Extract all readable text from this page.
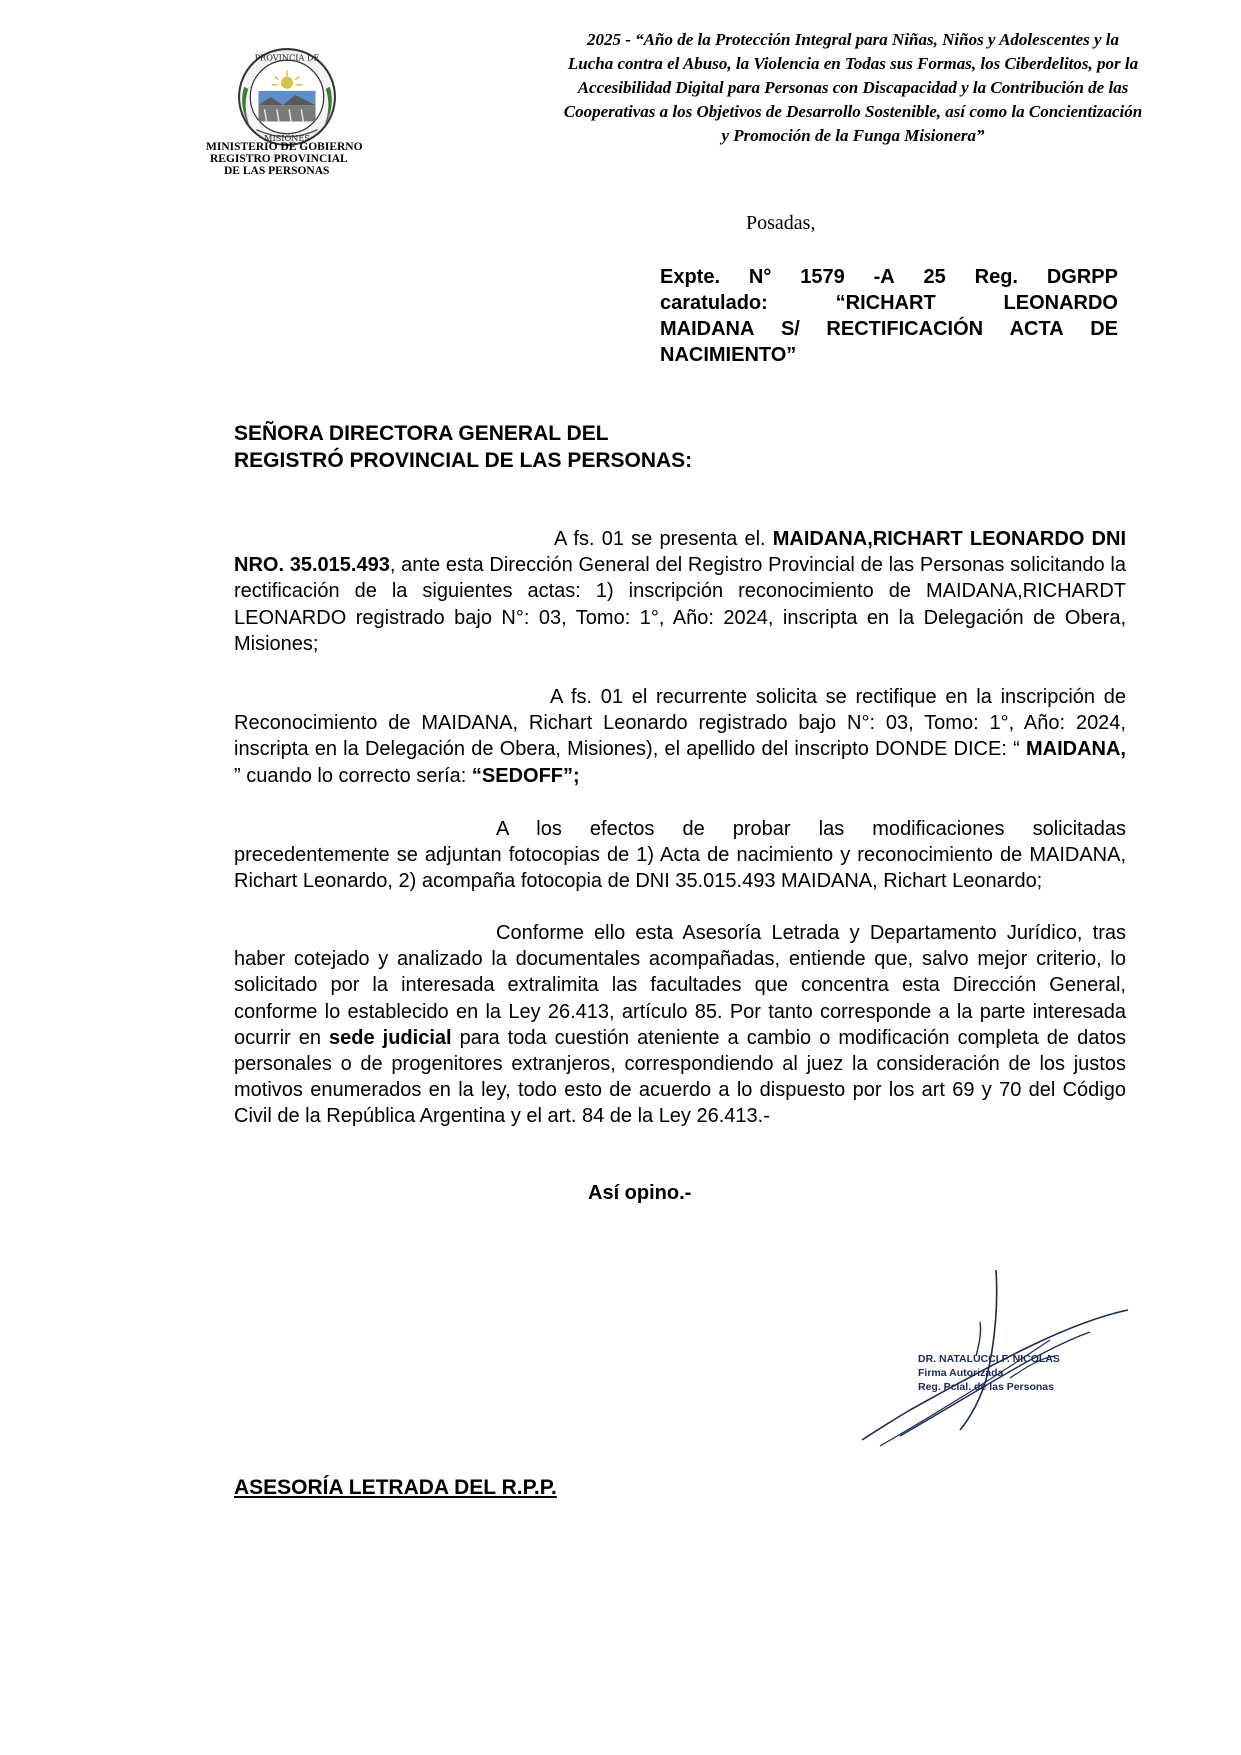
PROVINCIA DE
MISIONES
MINISTERIO DE GOBIERNO
REGISTRO PROVINCIAL
DE LAS PERSONAS
2025 - “Año de la Protección Integral para Niñas, Niños y Adolescentes y la
Lucha contra el Abuso, la Violencia en Todas sus Formas, los Ciberdelitos, por la
Accesibilidad Digital para Personas con Discapacidad y la Contribución de las
Cooperativas a los Objetivos de Desarrollo Sostenible, así como la Concientización
y Promoción de la Funga Misionera”
Posadas,
Expte. N° 1579 -A 25 Reg. DGRPP
caratulado:	“RICHART	LEONARDO
MAIDANA S/ RECTIFICACIÓN ACTA DE
NACIMIENTO”
SEÑORA DIRECTORA GENERAL DEL
REGISTRÓ PROVINCIAL DE LAS PERSONAS:
A fs. 01 se presenta el. MAIDANA,RICHART LEONARDO DNI NRO. 35.015.493, ante esta Dirección General del Registro Provincial de las Personas solicitando la rectificación de la siguientes actas: 1) inscripción reconocimiento de MAIDANA,RICHARDT LEONARDO registrado bajo N°: 03, Tomo: 1°, Año: 2024, inscripta en la Delegación de Obera, Misiones;
A fs. 01 el recurrente solicita se rectifique en la inscripción de Reconocimiento de MAIDANA, Richart Leonardo registrado bajo N°: 03, Tomo: 1°, Año: 2024, inscripta en la Delegación de Obera, Misiones), el apellido del inscripto DONDE DICE: “ MAIDANA, ” cuando lo correcto sería: “SEDOFF”;
A los efectos de probar las modificaciones solicitadas precedentemente se adjuntan fotocopias de 1) Acta de nacimiento y reconocimiento de MAIDANA, Richart Leonardo, 2) acompaña fotocopia de DNI 35.015.493 MAIDANA, Richart Leonardo;
Conforme ello esta Asesoría Letrada y Departamento Jurídico, tras haber cotejado y analizado la documentales acompañadas, entiende que, salvo mejor criterio, lo solicitado por la interesada extralimita las facultades que concentra esta Dirección General, conforme lo establecido en la Ley 26.413, artículo 85. Por tanto corresponde a la parte interesada ocurrir en sede judicial para toda cuestión ateniente a cambio o modificación completa de datos personales o de progenitores extranjeros, correspondiendo al juez la consideración de los justos motivos enumerados en la ley, todo esto de acuerdo a lo dispuesto por los art 69 y 70 del Código Civil de la República Argentina y el art. 84 de la Ley 26.413.-
Así opino.-
DR. NATALUCCI F. NICOLAS
Firma Autorizada
Reg. Pcial. de las Personas
ASESORÍA LETRADA DEL R.P.P.
